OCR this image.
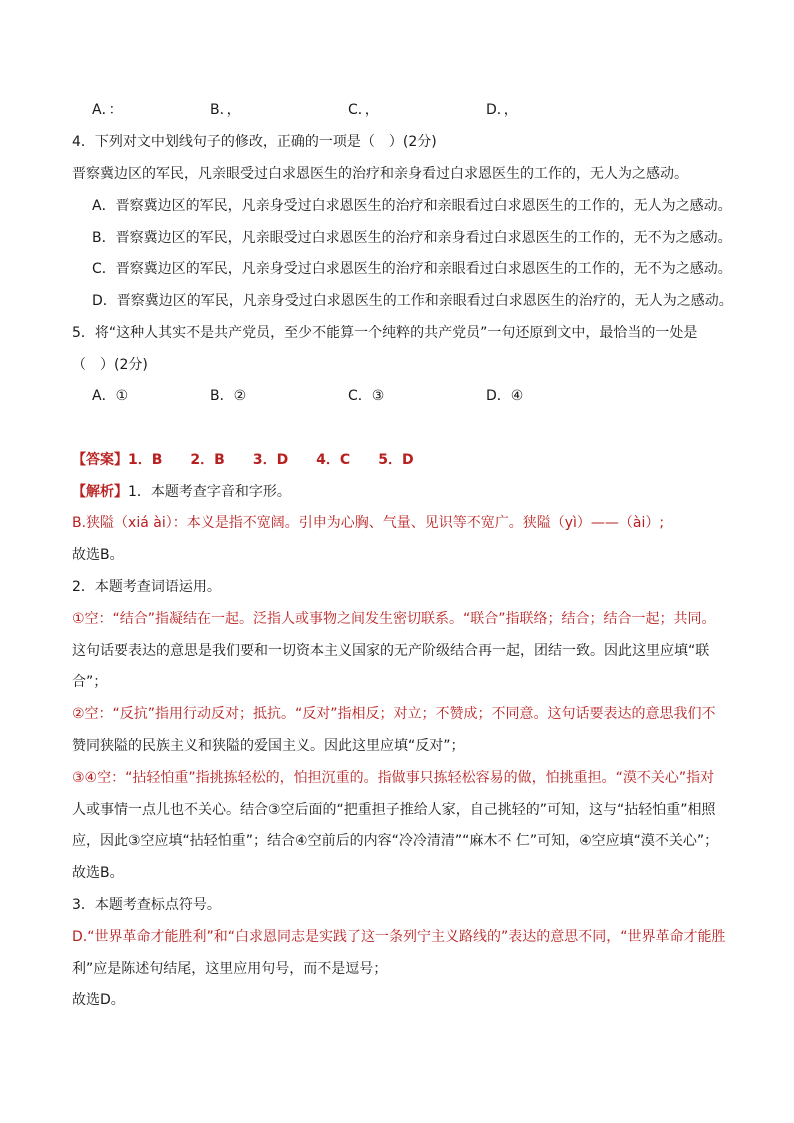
A．：	B．，	C．，	D．，
4．下列对文中划线句子的修改，正确的一项是（　）(2分)
晋察冀边区的军民，凡亲眼受过白求恩医生的治疗和亲身看过白求恩医生的工作的，无人为之感动。
A．晋察冀边区的军民，凡亲身受过白求恩医生的治疗和亲眼看过白求恩医生的工作的，无人为之感动。
B．晋察冀边区的军民，凡亲眼受过白求恩医生的治疗和亲身看过白求恩医生的工作的，无不为之感动。
C．晋察冀边区的军民，凡亲身受过白求恩医生的治疗和亲眼看过白求恩医生的工作的，无不为之感动。
D．晋察冀边区的军民，凡亲身受过白求恩医生的工作和亲眼看过白求恩医生的治疗的，无人为之感动。
5．将“这种人其实不是共产党员，至少不能算一个纯粹的共产党员”一句还原到文中，最恰当的一处是
（　）(2分)
A．①	B．②	C．③	D．④
【答案】1．B　　2．B　　3．D　　4．C　　5．D
【解析】1．本题考查字音和字形。
B.狭隘（xiá ài）：本义是指不宽阔。引申为心胸、气量、见识等不宽广。狭隘（yì）——（ài）;
故选B。
2．本题考查词语运用。
①空：“结合”指凝结在一起。泛指人或事物之间发生密切联系。“联合”指联络；结合；结合一起；共同。
这句话要表达的意思是我们要和一切资本主义国家的无产阶级结合再一起，团结一致。因此这里应填“联
合”；
②空：“反抗”指用行动反对；抵抗。“反对”指相反；对立；不赞成；不同意。这句话要表达的意思我们不
赞同狭隘的民族主义和狭隘的爱国主义。因此这里应填“反对”；
③④空：“拈轻怕重”指挑拣轻松的，怕担沉重的。指做事只拣轻松容易的做，怕挑重担。“漠不关心”指对
人或事情一点儿也不关心。结合③空后面的“把重担子推给人家，自己挑轻的”可知，这与“拈轻怕重”相照
应，因此③空应填“拈轻怕重”；结合④空前后的内容“冷冷清清”“麻木不 仁”可知，④空应填“漠不关心”；
故选B。
3．本题考查标点符号。
D.“世界革命才能胜利”和“白求恩同志是实践了这一条列宁主义路线的”表达的意思不同，“世界革命才能胜
利”应是陈述句结尾，这里应用句号，而不是逗号；
故选D。
